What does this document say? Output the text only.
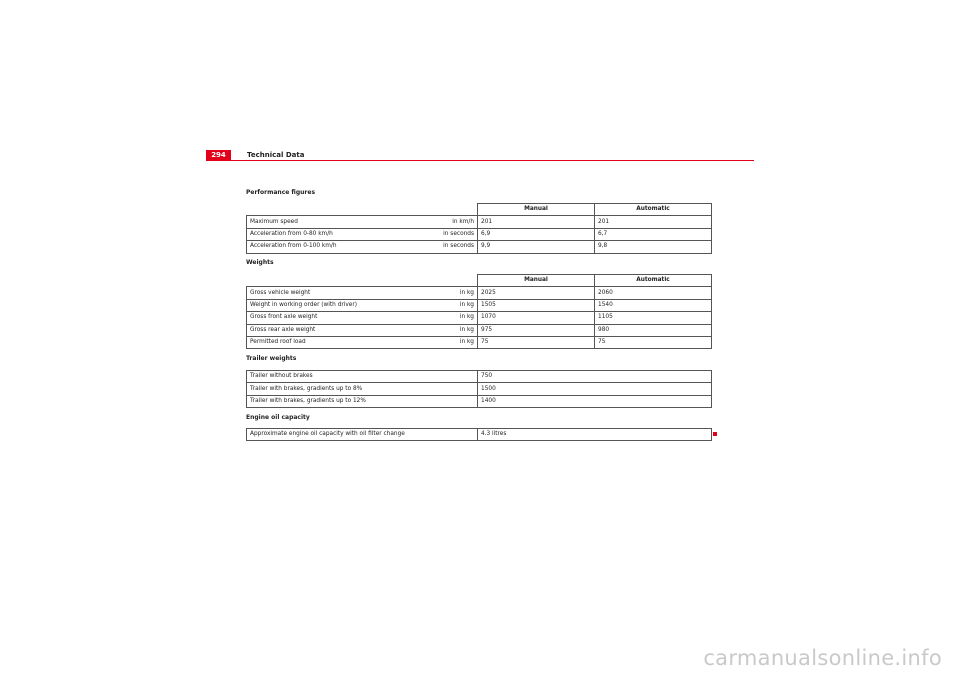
294	Technical Data
Performance figures
	Manual	Automatic
Maximum speed in km/h	201	201
Acceleration from 0-80 km/h in seconds	6,9	6,7
Acceleration from 0-100 km/h in seconds	9,9	9,8
Weights
	Manual	Automatic
Gross vehicle weight in kg	2025	2060
Weight in working order (with driver) in kg	1505	1540
Gross front axle weight in kg	1070	1105
Gross rear axle weight in kg	975	980
Permitted roof load in kg	75	75
Trailer weights
Trailer without brakes	750
Trailer with brakes, gradients up to 8%	1500
Trailer with brakes, gradients up to 12%	1400
Engine oil capacity
Approximate engine oil capacity with oil filter change	4.3 litres
carmanualsonline.info
